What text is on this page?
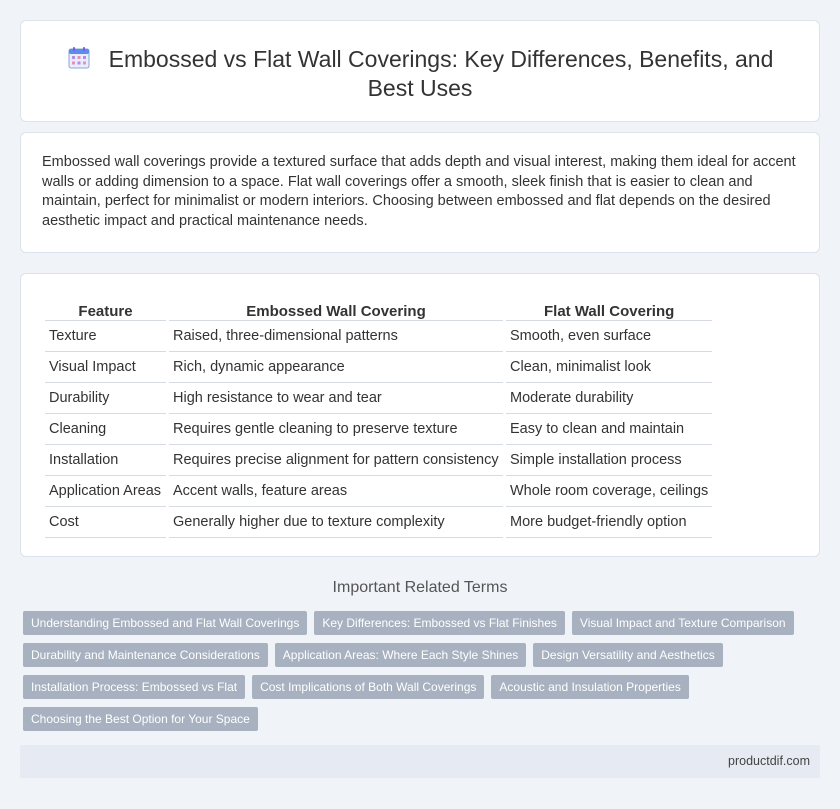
Embossed vs Flat Wall Coverings: Key Differences, Benefits, and Best Uses

Embossed wall coverings provide a textured surface that adds depth and visual interest, making them ideal for accent walls or adding dimension to a space. Flat wall coverings offer a smooth, sleek finish that is easier to clean and maintain, perfect for minimalist or modern interiors. Choosing between embossed and flat depends on the desired aesthetic impact and practical maintenance needs.

Feature	Embossed Wall Covering	Flat Wall Covering
Texture	Raised, three-dimensional patterns	Smooth, even surface
Visual Impact	Rich, dynamic appearance	Clean, minimalist look
Durability	High resistance to wear and tear	Moderate durability
Cleaning	Requires gentle cleaning to preserve texture	Easy to clean and maintain
Installation	Requires precise alignment for pattern consistency	Simple installation process
Application Areas	Accent walls, feature areas	Whole room coverage, ceilings
Cost	Generally higher due to texture complexity	More budget-friendly option
Important Related Terms
Understanding Embossed and Flat Wall Coverings	Key Differences: Embossed vs Flat Finishes	Visual Impact and Texture Comparison
Durability and Maintenance Considerations	Application Areas: Where Each Style Shines	Design Versatility and Aesthetics
Installation Process: Embossed vs Flat	Cost Implications of Both Wall Coverings	Acoustic and Insulation Properties
Choosing the Best Option for Your Space
productdif.com
